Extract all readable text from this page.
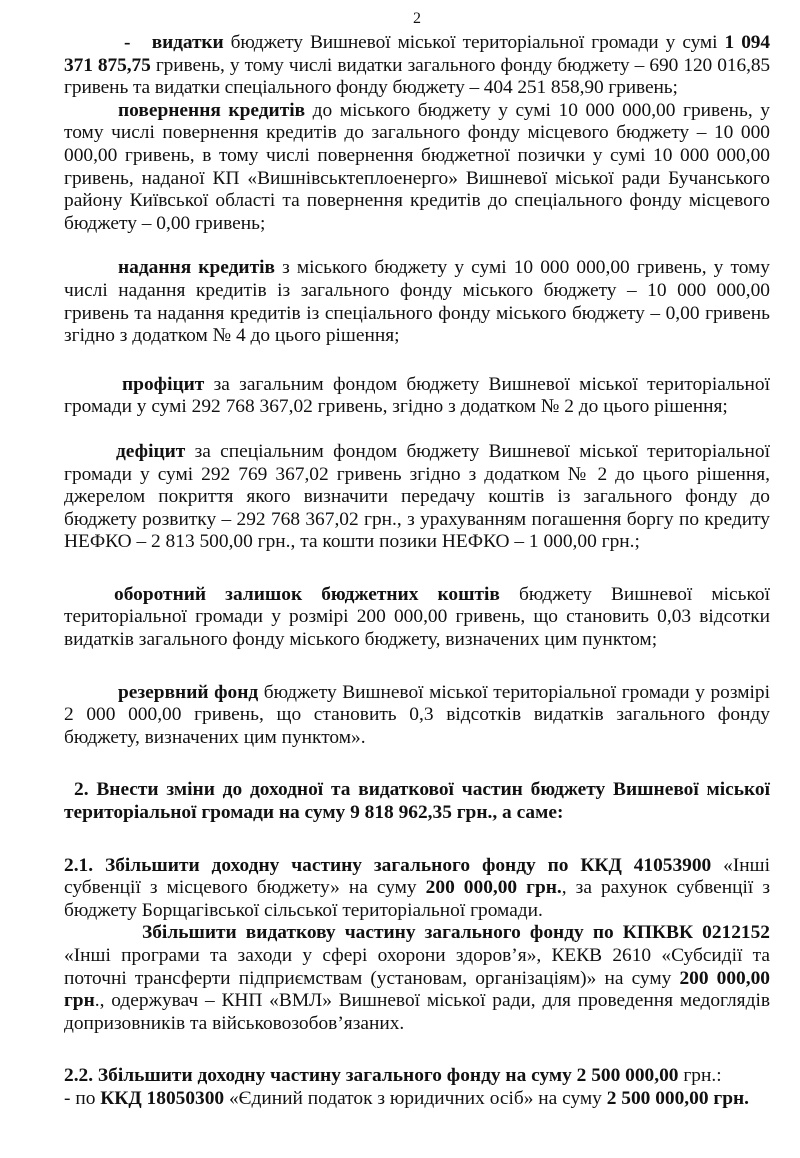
2

- видатки бюджету Вишневої міської територіальної громади у сумі 1 094 371 875,75 гривень, у тому числі видатки загального фонду бюджету – 690 120 016,85 гривень та видатки спеціального фонду бюджету – 404 251 858,90 гривень;

повернення кредитів до міського бюджету у сумі 10 000 000,00 гривень, у тому числі повернення кредитів до загального фонду місцевого бюджету – 10 000 000,00 гривень, в тому числі повернення бюджетної позички у сумі 10 000 000,00 гривень, наданої КП «Вишнівськтеплоенерго» Вишневої міської ради Бучанського району Київської області та повернення кредитів до спеціального фонду місцевого бюджету – 0,00 гривень;

надання кредитів з міського бюджету у сумі 10 000 000,00 гривень, у тому числі надання кредитів із загального фонду міського бюджету – 10 000 000,00 гривень та надання кредитів із спеціального фонду міського бюджету – 0,00 гривень згідно з додатком № 4 до цього рішення;

профіцит за загальним фондом бюджету Вишневої міської територіальної громади у сумі 292 768 367,02 гривень, згідно з додатком № 2 до цього рішення;

дефіцит за спеціальним фондом бюджету Вишневої міської територіальної громади у сумі 292 769 367,02 гривень згідно з додатком № 2 до цього рішення, джерелом покриття якого визначити передачу коштів із загального фонду до бюджету розвитку – 292 768 367,02 грн., з урахуванням погашення боргу по кредиту НЕФКО – 2 813 500,00 грн., та кошти позики НЕФКО – 1 000,00 грн.;

оборотний залишок бюджетних коштів бюджету Вишневої міської територіальної громади у розмірі 200 000,00 гривень, що становить 0,03 відсотки видатків загального фонду міського бюджету, визначених цим пунктом;

резервний фонд бюджету Вишневої міської територіальної громади у розмірі 2 000 000,00 гривень, що становить 0,3 відсотків видатків загального фонду бюджету, визначених цим пунктом».

2. Внести зміни до доходної та видаткової частин бюджету Вишневої міської територіальної громади на суму 9 818 962,35 грн., а саме:

2.1. Збільшити доходну частину загального фонду по ККД 41053900 «Інші субвенції з місцевого бюджету» на суму 200 000,00 грн., за рахунок субвенції з бюджету Борщагівської сільської територіальної громади.

Збільшити видаткову частину загального фонду по КПКВК 0212152 «Інші програми та заходи у сфері охорони здоров’я», КЕКВ 2610 «Субсидії та поточні трансферти підприємствам (установам, організаціям)» на суму 200 000,00 грн., одержувач – КНП «ВМЛ» Вишневої міської ради, для проведення медоглядів допризовників та військовозобов’язаних.

2.2. Збільшити доходну частину загального фонду на суму 2 500 000,00 грн.:

- по ККД 18050300 «Єдиний податок з юридичних осіб» на суму 2 500 000,00 грн.
